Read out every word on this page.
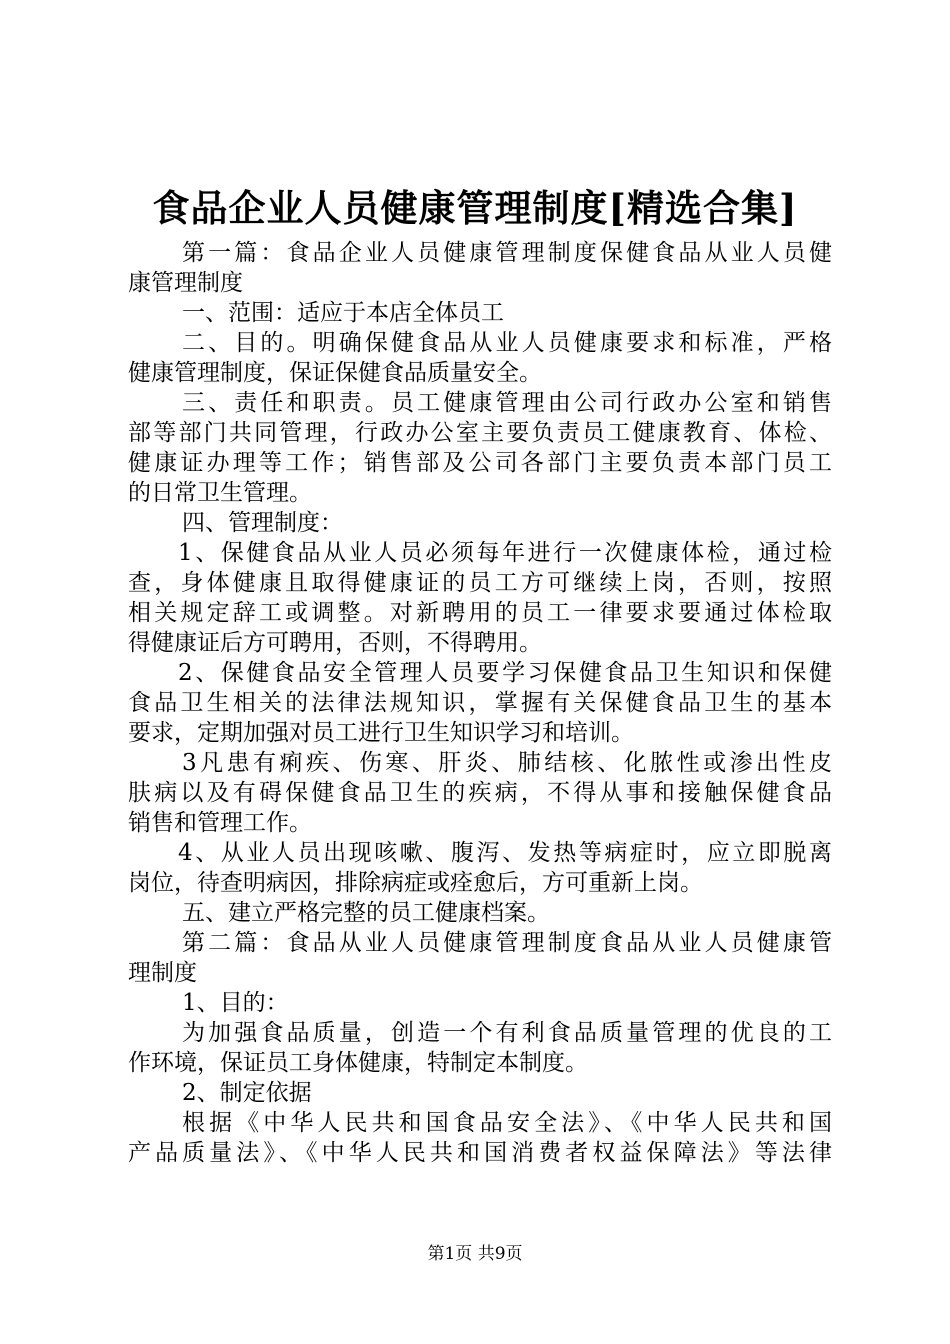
食品企业人员健康管理制度[精选合集]
第一篇：食品企业人员健康管理制度保健食品从业人员健
康管理制度
一、范围：适应于本店全体员工
二、目的。明确保健食品从业人员健康要求和标准，严格
健康管理制度，保证保健食品质量安全。
三、责任和职责。员工健康管理由公司行政办公室和销售
部等部门共同管理，行政办公室主要负责员工健康教育、体检、
健康证办理等工作；销售部及公司各部门主要负责本部门员工
的日常卫生管理。
四、管理制度：
1、保健食品从业人员必须每年进行一次健康体检，通过检
查，身体健康且取得健康证的员工方可继续上岗，否则，按照
相关规定辞工或调整。对新聘用的员工一律要求要通过体检取
得健康证后方可聘用，否则，不得聘用。
2、保健食品安全管理人员要学习保健食品卫生知识和保健
食品卫生相关的法律法规知识，掌握有关保健食品卫生的基本
要求，定期加强对员工进行卫生知识学习和培训。
3凡患有痢疾、伤寒、肝炎、肺结核、化脓性或渗出性皮
肤病以及有碍保健食品卫生的疾病，不得从事和接触保健食品
销售和管理工作。
4、从业人员出现咳嗽、腹泻、发热等病症时，应立即脱离
岗位，待查明病因，排除病症或痊愈后，方可重新上岗。
五、建立严格完整的员工健康档案。
第二篇：食品从业人员健康管理制度食品从业人员健康管
理制度
1、目的：
为加强食品质量，创造一个有利食品质量管理的优良的工
作环境，保证员工身体健康，特制定本制度。
2、制定依据
根据《中华人民共和国食品安全法》、《中华人民共和国
产品质量法》、《中华人民共和国消费者权益保障法》等法律
第1页 共9页
